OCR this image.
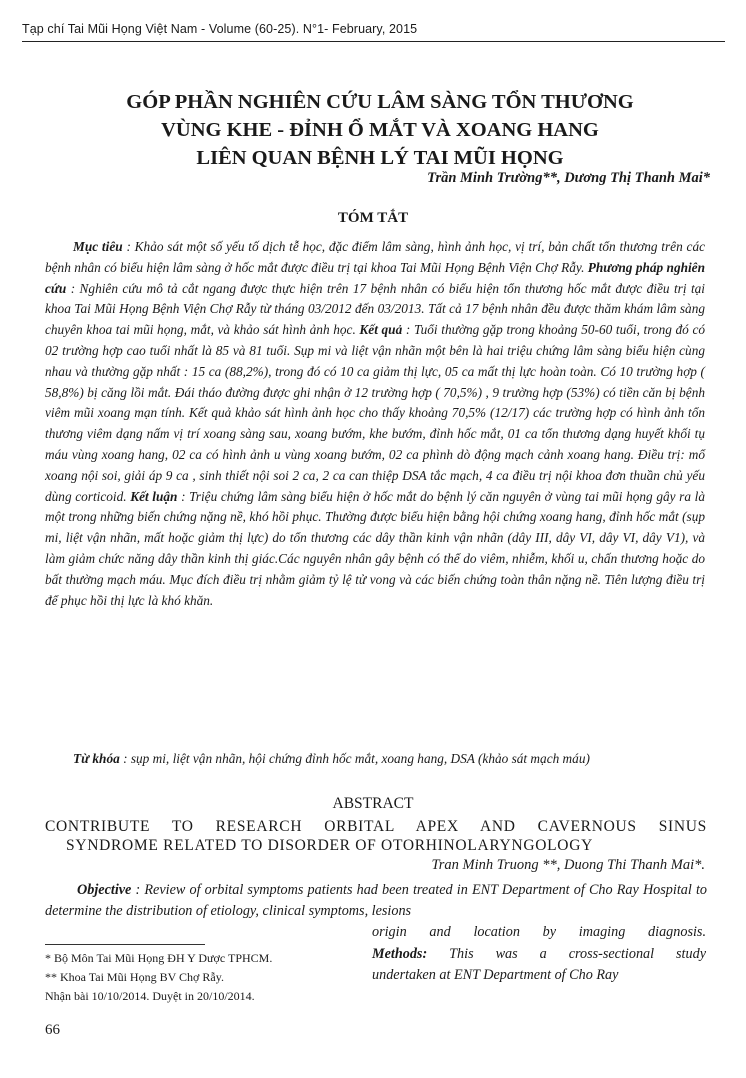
Tạp chí Tai Mũi Họng Việt Nam - Volume (60-25). N°1- February, 2015
GÓP PHẦN NGHIÊN CỨU LÂM SÀNG TỔN THƯƠNG
VÙNG KHE - ĐỈNH Ổ MẮT VÀ XOANG HANG
LIÊN QUAN BỆNH LÝ TAI MŨI HỌNG
Trần Minh Trường**, Dương Thị Thanh Mai*
TÓM TẮT

Mục tiêu : Khảo sát một số yếu tố dịch tễ học, đặc điểm lâm sàng, hình ảnh học, vị trí, bản chất tổn thương trên các bệnh nhân có biểu hiện lâm sàng ở hốc mắt được điều trị tại khoa Tai Mũi Họng Bệnh Viện Chợ Rẫy. Phương pháp nghiên cứu : Nghiên cứu mô tả cắt ngang được thực hiện trên 17 bệnh nhân có biểu hiện tổn thương hốc mắt được điều trị tại khoa Tai Mũi Họng Bệnh Viện Chợ Rẫy từ tháng 03/2012 đến 03/2013. Tất cả 17 bệnh nhân đều được thăm khám lâm sàng chuyên khoa tai mũi họng, mắt, và khảo sát hình ảnh học. Kết quả : Tuổi thường gặp trong khoảng 50-60 tuổi, trong đó có 02 trường hợp cao tuổi nhất là 85 và 81 tuổi. Sụp mi và liệt vận nhãn một bên là hai triệu chứng lâm sàng biểu hiện cùng nhau và thường gặp nhất : 15 ca (88,2%), trong đó có 10 ca giảm thị lực, 05 ca mất thị lực hoàn toàn. Có 10 trường hợp ( 58,8%) bị căng lồi mắt. Đái tháo đường được ghi nhận ở 12 trường hợp ( 70,5%) , 9 trường hợp (53%) có tiền căn bị bệnh viêm mũi xoang mạn tính. Kết quả khảo sát hình ảnh học cho thấy khoảng 70,5% (12/17) các trường hợp có hình ảnh tổn thương viêm dạng nấm vị trí xoang sàng sau, xoang bướm, khe bướm, đỉnh hốc mắt, 01 ca tổn thương dạng huyết khối tụ máu vùng xoang hang, 02 ca có hình ảnh u vùng xoang bướm, 02 ca phình dò động mạch cảnh xoang hang. Điều trị: mổ xoang nội soi, giải áp 9 ca , sinh thiết nội soi 2 ca, 2 ca can thiệp DSA tắc mạch, 4 ca điều trị nội khoa đơn thuần chủ yếu dùng corticoid. Kết luận : Triệu chứng lâm sàng biểu hiện ở hốc mắt do bệnh lý căn nguyên ở vùng tai mũi họng gây ra là một trong những biến chứng nặng nề, khó hồi phục. Thường được biểu hiện bằng hội chứng xoang hang, đỉnh hốc mắt (sụp mi, liệt vận nhãn, mất hoặc giảm thị lực) do tổn thương các dây thần kinh vận nhãn (dây III, dây VI, dây VI, dây V1), và làm giảm chức năng dây thần kinh thị giác.Các nguyên nhân gây bệnh có thể do viêm, nhiễm, khối u, chấn thương hoặc do bất thường mạch máu. Mục đích điều trị nhằm giảm tỷ lệ tử vong và các biến chứng toàn thân nặng nề. Tiên lượng điều trị để phục hồi thị lực là khó khăn.

Từ khóa : sụp mi, liệt vận nhãn, hội chứng đỉnh hốc mắt, xoang hang, DSA (khảo sát mạch máu)

ABSTRACT
CONTRIBUTE TO RESEARCH ORBITAL APEX AND CAVERNOUS SINUS
SYNDROME RELATED TO DISORDER OF OTORHINOLARYNGOLOGY
Tran Minh Truong **, Duong Thi Thanh Mai*.

Objective : Review of orbital symptoms patients had been treated in ENT Department of Cho Ray Hospital to determine the distribution of etiology, clinical symptoms, lesions

origin and location by imaging diagnosis.
Methods: This was a cross-sectional study
undertaken at ENT Department of Cho Ray
* Bộ Môn Tai Mũi Họng ĐH Y Dược TPHCM.
** Khoa Tai Mũi Họng BV Chợ Rẫy.
Nhận bài 10/10/2014. Duyệt in 20/10/2014.
66
